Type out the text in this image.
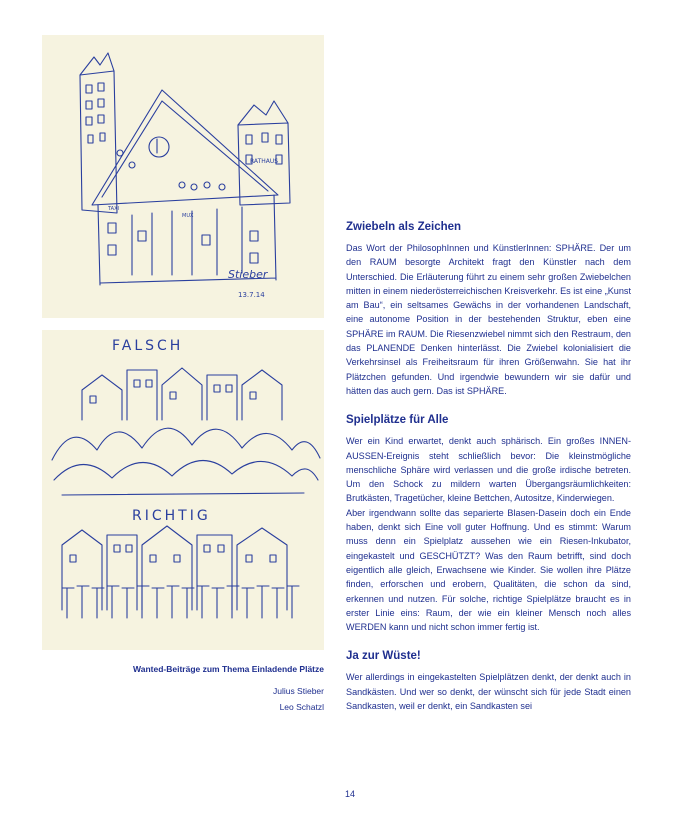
RATHAUS
TAXI
MUX
Stieber
13.7.14
FALSCH
RICHTIG
Wanted-Beiträge zum Thema Einladende Plätze
Julius Stieber
Leo Schatzl
Zwiebeln als Zeichen

Das Wort der PhilosophInnen und KünstlerInnen: SPHÄRE. Der um den RAUM besorgte Architekt fragt den Künstler nach dem Unterschied. Die Erläuterung führt zu einem sehr großen Zwiebelchen mitten in einem niederösterreichischen Kreisverkehr. Es ist eine „Kunst am Bau“, ein seltsames Gewächs in der vorhandenen Landschaft, eine autonome Position in der bestehenden Struktur, eben eine SPHÄRE im RAUM. Die Riesenzwiebel nimmt sich den Restraum, den das PLANENDE Denken hinterlässt. Die Zwiebel kolonialisiert die Verkehrsinsel als Freiheitsraum für ihren Größenwahn. Sie hat ihr Plätzchen gefunden. Und irgendwie bewundern wir sie dafür und hätten das auch gern. Das ist SPHÄRE.

Spielplätze für Alle

Wer ein Kind erwartet, denkt auch sphärisch. Ein großes INNEN-AUSSEN-Ereignis steht schließlich bevor: Die kleinstmögliche menschliche Sphäre wird verlassen und die große irdische betreten. Um den Schock zu mildern warten Übergangsräumlichkeiten: Brutkästen, Tragetücher, kleine Bettchen, Autositze, Kinderwiegen.

Aber irgendwann sollte das separierte Blasen-Dasein doch ein Ende haben, denkt sich Eine voll guter Hoffnung. Und es stimmt: Warum muss denn ein Spielplatz aussehen wie ein Riesen-Inkubator, eingekastelt und GESCHÜTZT? Was den Raum betrifft, sind doch eigentlich alle gleich, Erwachsene wie Kinder. Sie wollen ihre Plätze finden, erforschen und erobern, Qualitäten, die schon da sind, erkennen und nutzen. Für solche, richtige Spielplätze braucht es in erster Linie eins: Raum, der wie ein kleiner Mensch noch alles WERDEN kann und nicht schon immer fertig ist.

Ja zur Wüste!

Wer allerdings in eingekastelten Spielplätzen denkt, der denkt auch in Sandkästen. Und wer so denkt, der wünscht sich für jede Stadt einen Sandkasten, weil er denkt, ein Sandkasten sei

14
